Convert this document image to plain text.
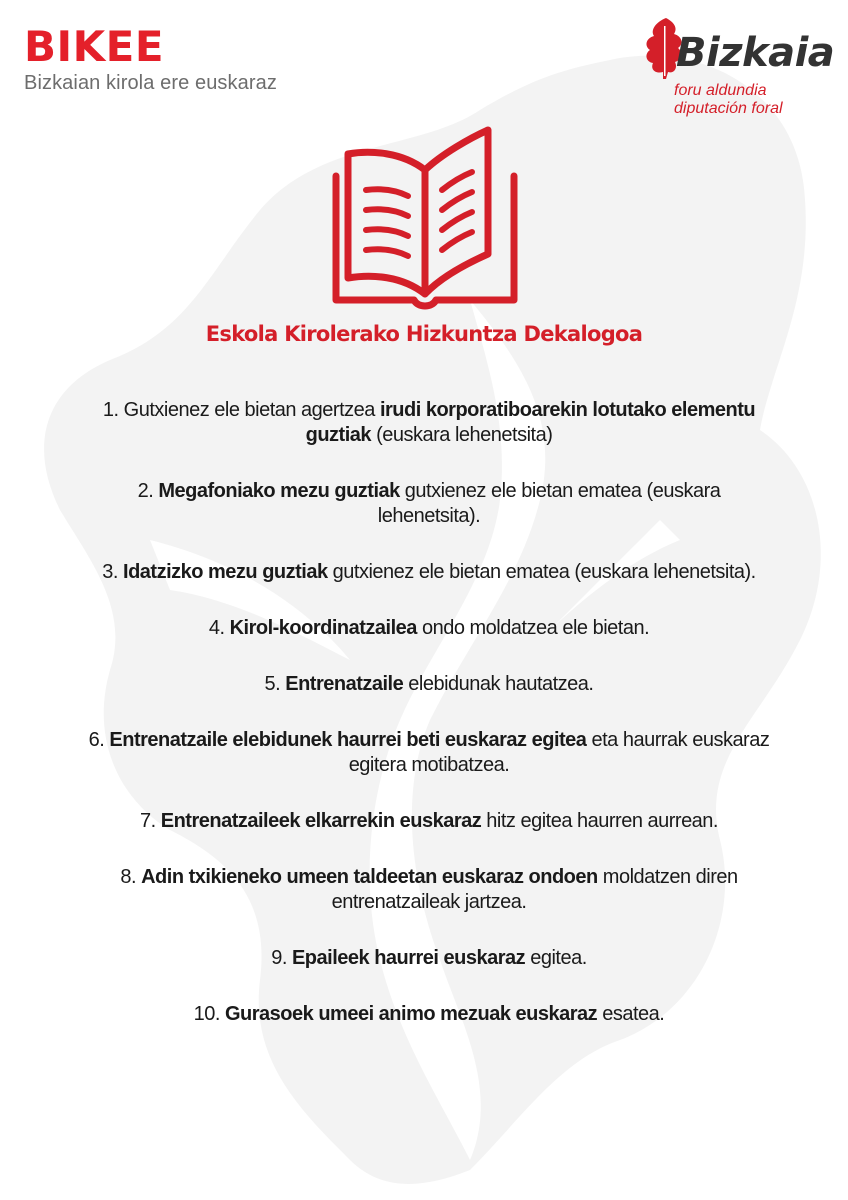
BIKEE
Bizkaian kirola ere euskaraz
Bizkaia
foru aldundia
diputación foral
Eskola Kirolerako Hizkuntza Dekalogoa
1. Gutxienez ele bietan agertzea irudi korporatiboarekin lotutako elementu guztiak (euskara lehenetsita)
2. Megafoniako mezu guztiak gutxienez ele bietan ematea (euskara lehenetsita).
3. Idatzizko mezu guztiak gutxienez ele bietan ematea (euskara lehenetsita).
4. Kirol-koordinatzailea ondo moldatzea ele bietan.
5. Entrenatzaile elebidunak hautatzea.
6. Entrenatzaile elebidunek haurrei beti euskaraz egitea eta haurrak euskaraz egitera motibatzea.
7. Entrenatzaileek elkarrekin euskaraz hitz egitea haurren aurrean.
8. Adin txikieneko umeen taldeetan euskaraz ondoen moldatzen diren entrenatzaileak jartzea.
9. Epaileek haurrei euskaraz egitea.
10. Gurasoek umeei animo mezuak euskaraz esatea.
